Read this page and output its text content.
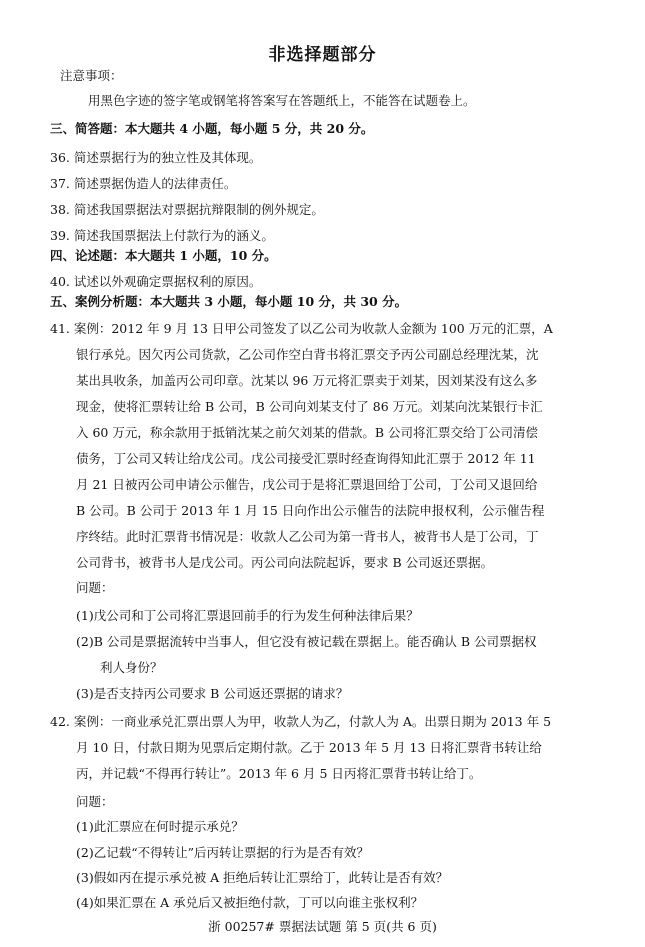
非选择题部分
注意事项：
用黑色字迹的签字笔或钢笔将答案写在答题纸上，不能答在试题卷上。
三、简答题：本大题共 4 小题，每小题 5 分，共 20 分。
36. 简述票据行为的独立性及其体现。
37. 简述票据伪造人的法律责任。
38. 简述我国票据法对票据抗辩限制的例外规定。
39. 简述我国票据法上付款行为的涵义。
四、论述题：本大题共 1 小题，10 分。
40. 试述以外观确定票据权利的原因。
五、案例分析题：本大题共 3 小题，每小题 10 分，共 30 分。
41. 案例：2012 年 9 月 13 日甲公司签发了以乙公司为收款人金额为 100 万元的汇票，A
银行承兑。因欠丙公司货款，乙公司作空白背书将汇票交予丙公司副总经理沈某，沈
某出具收条，加盖丙公司印章。沈某以 96 万元将汇票卖于刘某，因刘某没有这么多
现金，使将汇票转让给 B 公司，B 公司向刘某支付了 86 万元。刘某向沈某银行卡汇
入 60 万元，称余款用于抵销沈某之前欠刘某的借款。B 公司将汇票交给丁公司清偿
债务，丁公司又转让给戊公司。戊公司接受汇票时经查询得知此汇票于 2012 年 11
月 21 日被丙公司申请公示催告，戊公司于是将汇票退回给丁公司，丁公司又退回给
B 公司。B 公司于 2013 年 1 月 15 日向作出公示催告的法院申报权利，公示催告程
序终结。此时汇票背书情况是：收款人乙公司为第一背书人，被背书人是丁公司，丁
公司背书，被背书人是戊公司。丙公司向法院起诉，要求 B 公司返还票据。
问题：
(1)戊公司和丁公司将汇票退回前手的行为发生何种法律后果？
(2)B 公司是票据流转中当事人，但它没有被记载在票据上。能否确认 B 公司票据权
利人身份？
(3)是否支持丙公司要求 B 公司返还票据的请求？
42. 案例：一商业承兑汇票出票人为甲，收款人为乙，付款人为 A。出票日期为 2013 年 5
月 10 日，付款日期为见票后定期付款。乙于 2013 年 5 月 13 日将汇票背书转让给
丙，并记载“不得再行转让”。2013 年 6 月 5 日丙将汇票背书转让给丁。
问题：
(1)此汇票应在何时提示承兑？
(2)乙记载“不得转让”后丙转让票据的行为是否有效？
(3)假如丙在提示承兑被 A 拒绝后转让汇票给丁，此转让是否有效？
(4)如果汇票在 A 承兑后又被拒绝付款，丁可以向谁主张权利？
浙 00257# 票据法试题 第 5 页(共 6 页)
